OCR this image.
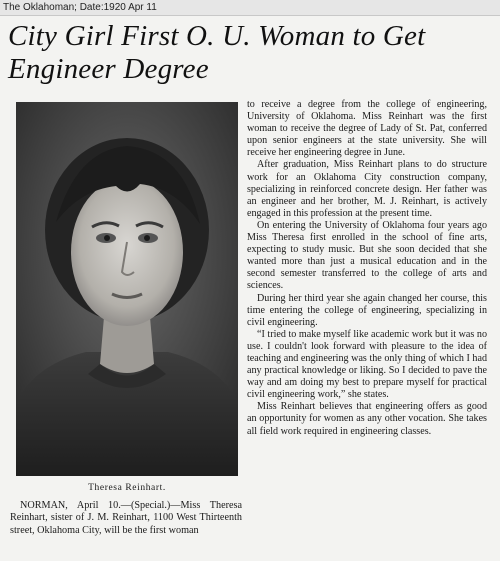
The Oklahoman; Date:1920 Apr 11
City Girl First O. U. Woman to Get
Engineer Degree
Theresa Reinhart.

NORMAN, April 10.—(Special.)—Miss Theresa Reinhart, sister of J. M. Reinhart, 1100 West Thirteenth street, Oklahoma City, will be the first woman

to receive a degree from the college of engineering, University of Oklahoma. Miss Reinhart was the first woman to receive the degree of Lady of St. Pat, conferred upon senior engineers at the state university. She will receive her engineering degree in June.

After graduation, Miss Reinhart plans to do structure work for an Oklahoma City construction company, specializing in reinforced concrete design. Her father was an engineer and her brother, M. J. Reinhart, is actively engaged in this profession at the present time.

On entering the University of Oklahoma four years ago Miss Theresa first enrolled in the school of fine arts, expecting to study music. But she soon decided that she wanted more than just a musical education and in the second semester transferred to the college of arts and sciences.

During her third year she again changed her course, this time entering the college of engineering, specializing in civil engineering.

“I tried to make myself like academic work but it was no use. I couldn't look forward with pleasure to the idea of teaching and engineering was the only thing of which I had any practical knowledge or liking. So I decided to pave the way and am doing my best to prepare myself for practical civil engineering work,” she states.

Miss Reinhart believes that engineering offers as good an opportunity for women as any other vocation. She takes all field work required in engineering classes.
